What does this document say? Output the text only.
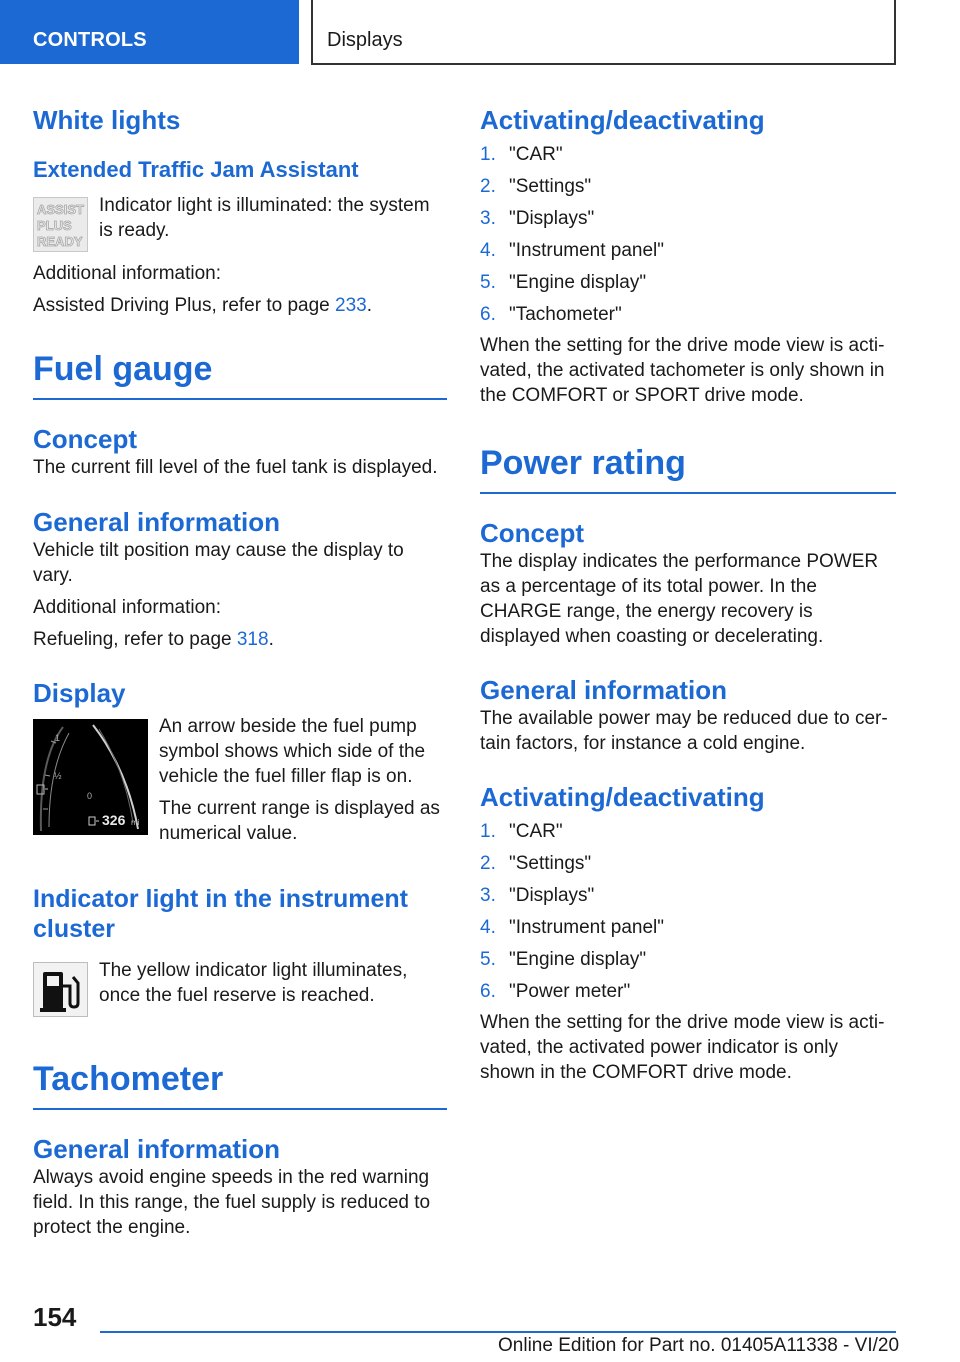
CONTROLS	Displays
White lights
Extended Traffic Jam Assistant
ASSIST
PLUS
READY
Indicator light is illuminated: the system is ready.
Additional information:
Assisted Driving Plus, refer to page 233.
Fuel gauge
Concept
The current fill level of the fuel tank is displayed.
General information
Vehicle tilt position may cause the display to vary.
Additional information:
Refueling, refer to page 318.
Display
1
½
0
326 mi
An arrow beside the fuel pump symbol shows which side of the vehicle the fuel filler flap is on.
The current range is displayed as numerical value.
Indicator light in the instrument cluster
The yellow indicator light illuminates, once the fuel reserve is reached.
Tachometer
General information
Always avoid engine speeds in the red warning field. In this range, the fuel supply is reduced to protect the engine.
Activating/deactivating
1. "CAR"
2. "Settings"
3. "Displays"
4. "Instrument panel"
5. "Engine display"
6. "Tachometer"
When the setting for the drive mode view is acti‐vated, the activated tachometer is only shown in the COMFORT or SPORT drive mode.
Power rating
Concept
The display indicates the performance POWER as a percentage of its total power. In the CHARGE range, the energy recovery is displayed when coasting or decelerating.
General information
The available power may be reduced due to cer‐tain factors, for instance a cold engine.
Activating/deactivating
1. "CAR"
2. "Settings"
3. "Displays"
4. "Instrument panel"
5. "Engine display"
6. "Power meter"
When the setting for the drive mode view is acti‐vated, the activated power indicator is only shown in the COMFORT drive mode.
154
Online Edition for Part no. 01405A11338 - VI/20
